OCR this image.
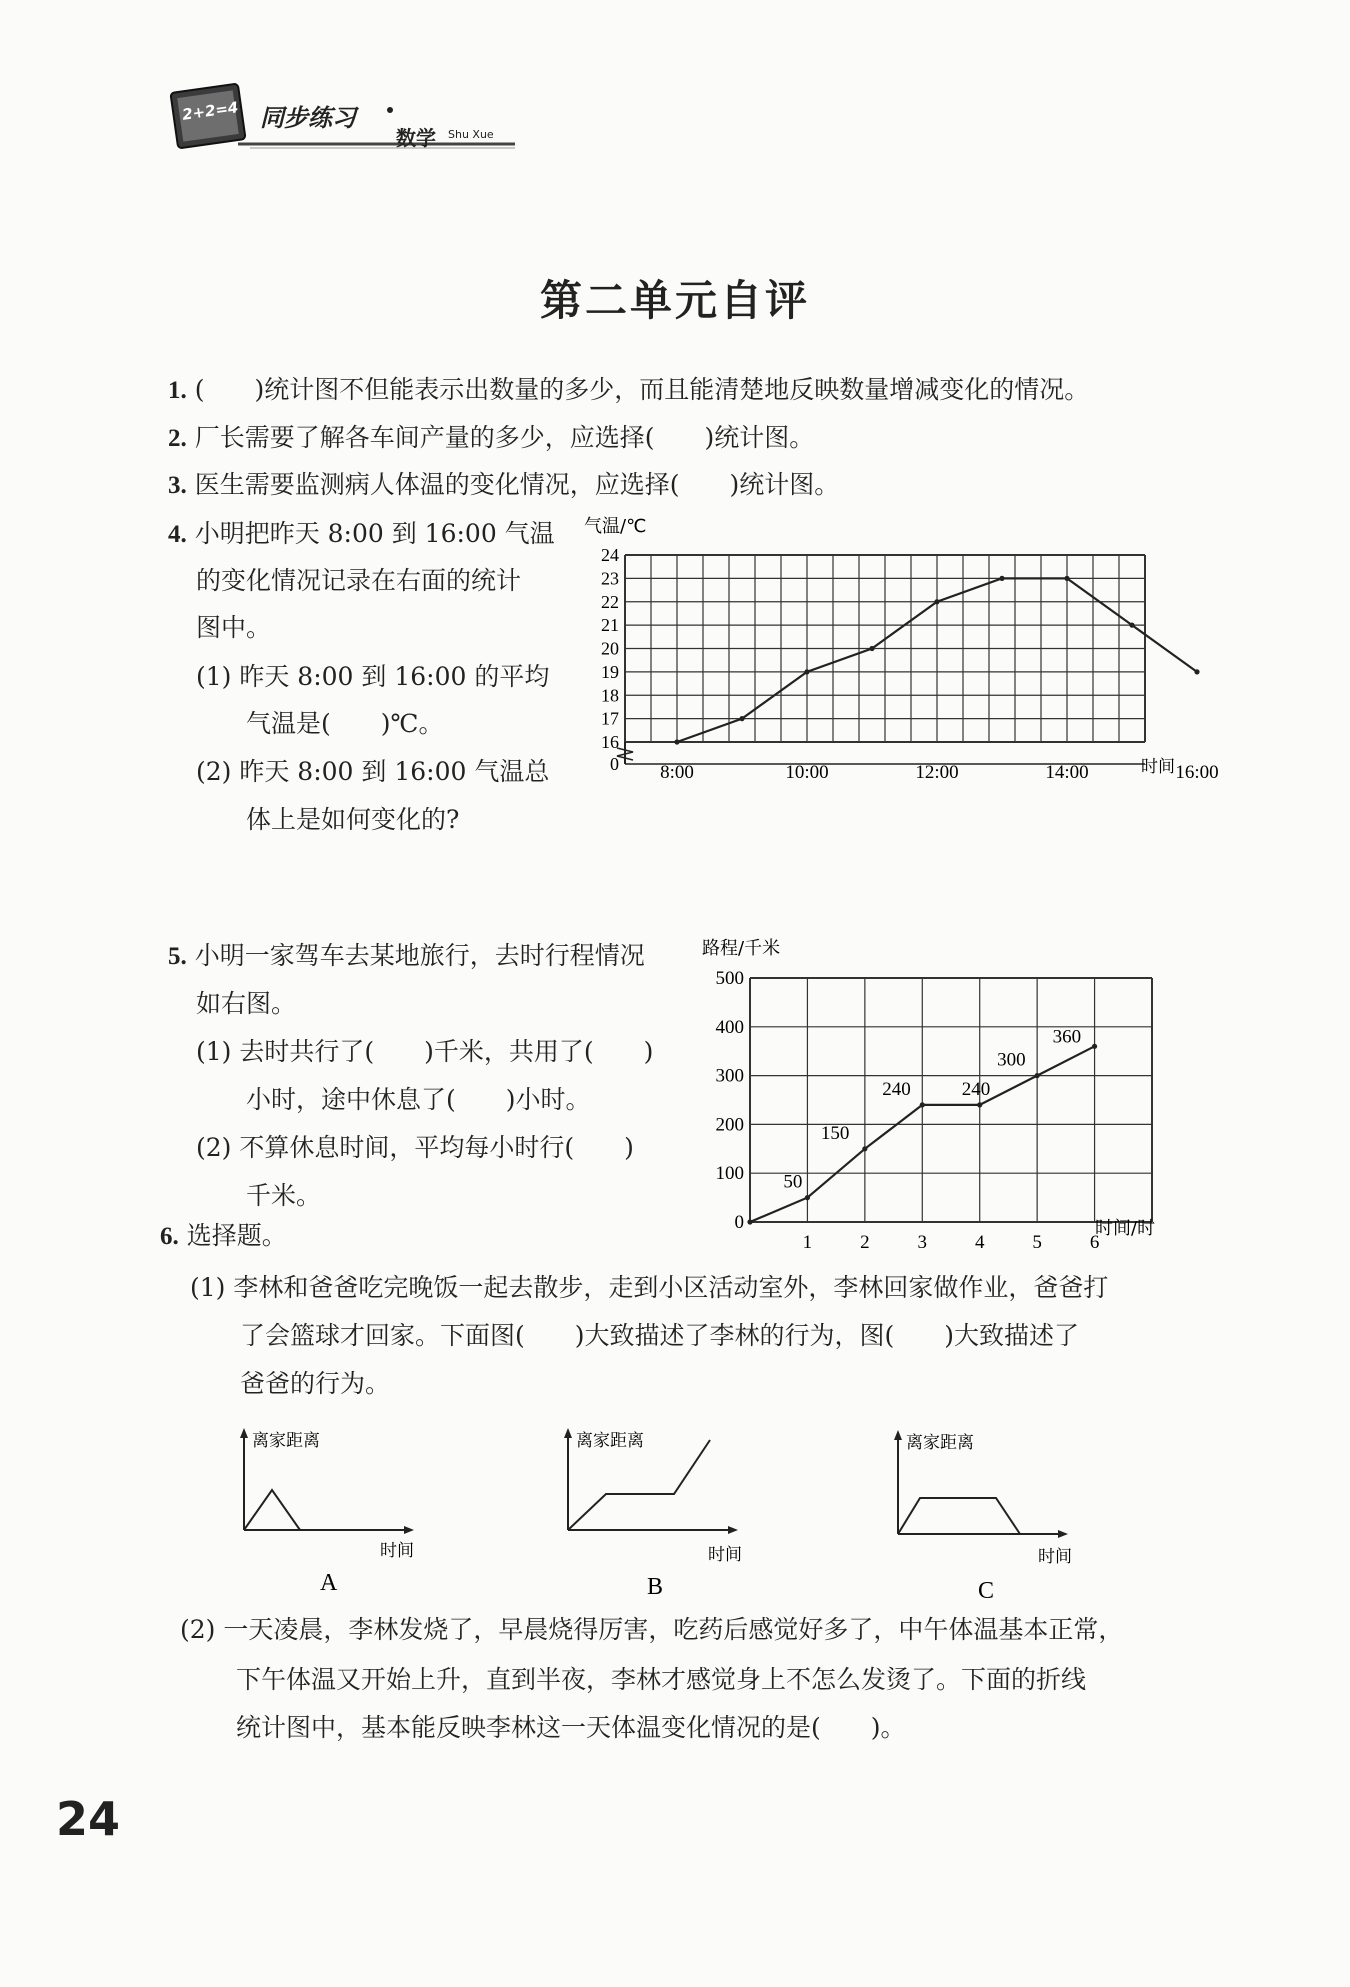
2+2=4 同步练习
数学 Shu Xue
第二单元自评
1. (　　)统计图不但能表示出数量的多少，而且能清楚地反映数量增减变化的情况。
2. 厂长需要了解各车间产量的多少，应选择(　　)统计图。
3. 医生需要监测病人体温的变化情况，应选择(　　)统计图。
4. 小明把昨天 8:00 到 16:00 气温
的变化情况记录在右面的统计
图中。
(1) 昨天 8:00 到 16:00 的平均
气温是(　　)℃。
(2) 昨天 8:00 到 16:00 气温总
体上是如何变化的?
0
16
17
18
19
20
21
22
23
24
8:00	10:00	12:00	14:00	16:00
气温/℃
时间
5. 小明一家驾车去某地旅行，去时行程情况
如右图。
(1) 去时共行了(　　)千米，共用了(　　)
小时，途中休息了(　　)小时。
(2) 不算休息时间，平均每小时行(　　)
千米。
0
100
200
300
400
500
1	2	3	4	5	6
50
150
240	240
300
360
路程/千米
时间/时
6. 选择题。
(1) 李林和爸爸吃完晚饭一起去散步，走到小区活动室外，李林回家做作业，爸爸打
了会篮球才回家。下面图(　　)大致描述了李林的行为，图(　　)大致描述了
爸爸的行为。
离家距离
时间
A
离家距离
时间
B
离家距离
时间
C
(2) 一天凌晨，李林发烧了，早晨烧得厉害，吃药后感觉好多了，中午体温基本正常，
下午体温又开始上升，直到半夜，李林才感觉身上不怎么发烫了。下面的折线
统计图中，基本能反映李林这一天体温变化情况的是(　　)。
24
